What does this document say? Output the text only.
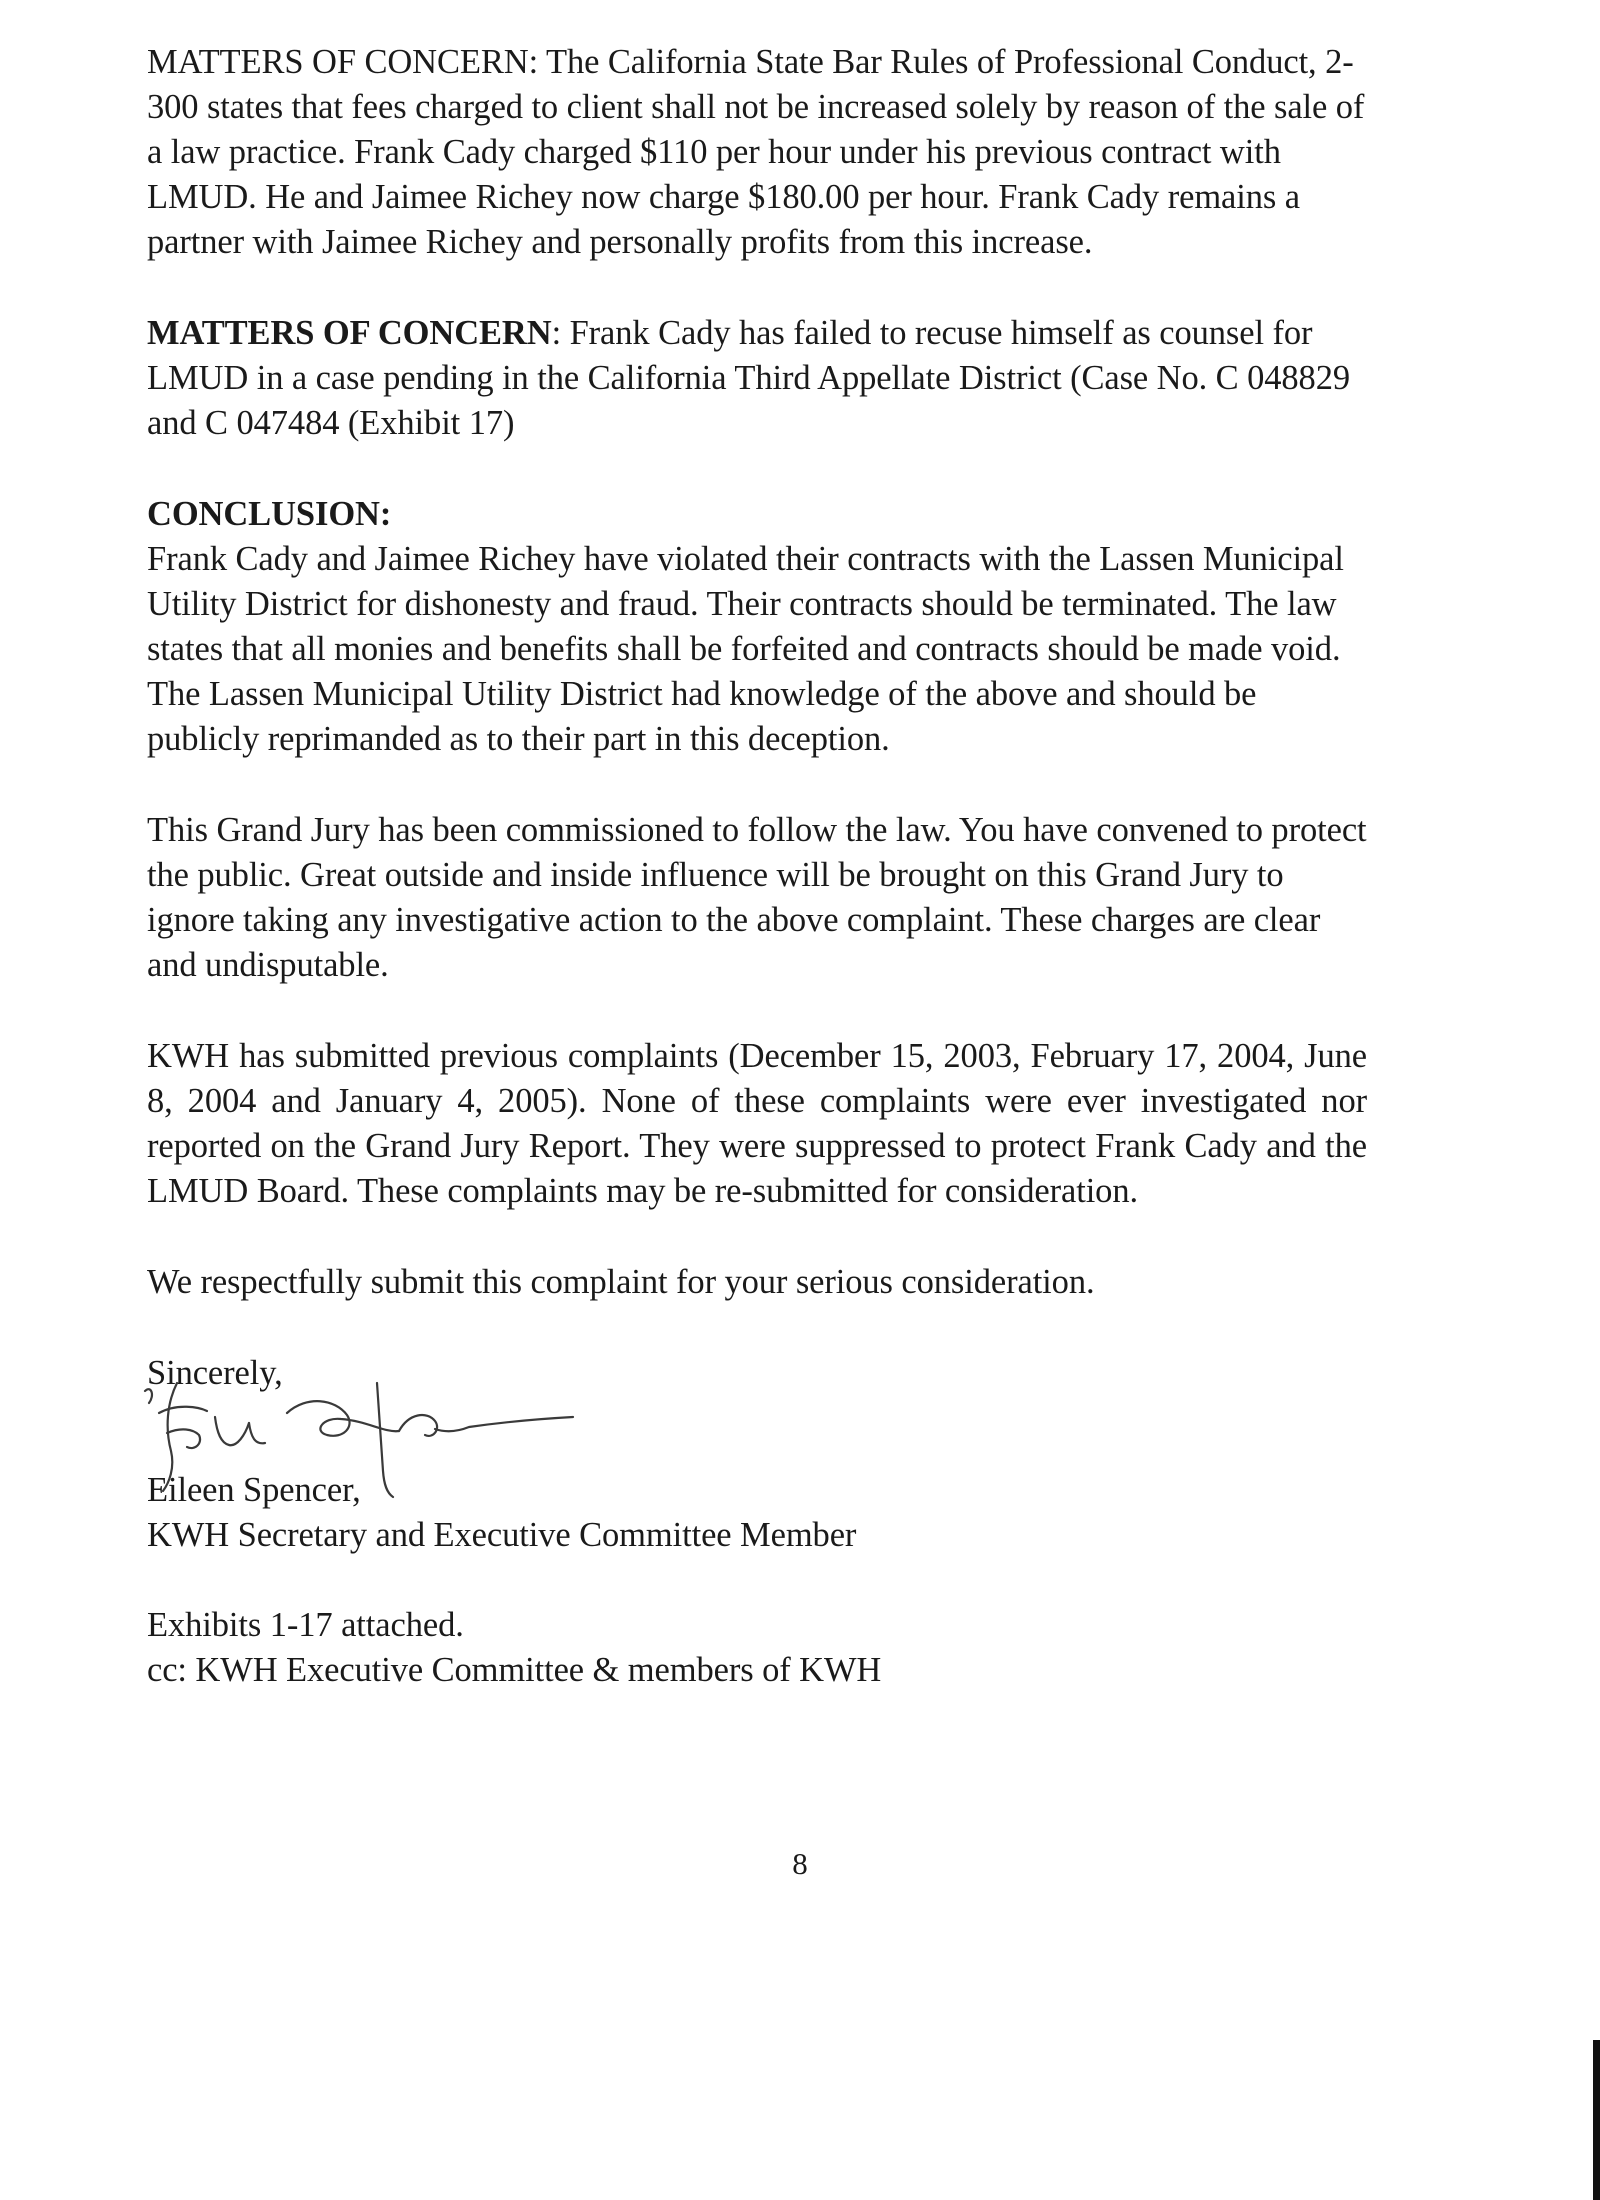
MATTERS OF CONCERN: The California State Bar Rules of Professional Conduct, 2-300 states that fees charged to client shall not be increased solely by reason of the sale of a law practice. Frank Cady charged $110 per hour under his previous contract with LMUD. He and Jaimee Richey now charge $180.00 per hour. Frank Cady remains a partner with Jaimee Richey and personally profits from this increase.

MATTERS OF CONCERN: Frank Cady has failed to recuse himself as counsel for LMUD in a case pending in the California Third Appellate District (Case No. C 048829 and C 047484 (Exhibit 17)

CONCLUSION:
Frank Cady and Jaimee Richey have violated their contracts with the Lassen Municipal Utility District for dishonesty and fraud. Their contracts should be terminated. The law states that all monies and benefits shall be forfeited and contracts should be made void. The Lassen Municipal Utility District had knowledge of the above and should be publicly reprimanded as to their part in this deception.

This Grand Jury has been commissioned to follow the law. You have convened to protect the public. Great outside and inside influence will be brought on this Grand Jury to ignore taking any investigative action to the above complaint. These charges are clear and undisputable.

KWH has submitted previous complaints (December 15, 2003, February 17, 2004, June 8, 2004 and January 4, 2005). None of these complaints were ever investigated nor reported on the Grand Jury Report. They were suppressed to protect Frank Cady and the LMUD Board. These complaints may be re-submitted for consideration.

We respectfully submit this complaint for your serious consideration.

Sincerely,
Eileen Spencer,
KWH Secretary and Executive Committee Member
Exhibits 1-17 attached.
cc: KWH Executive Committee & members of KWH
8
